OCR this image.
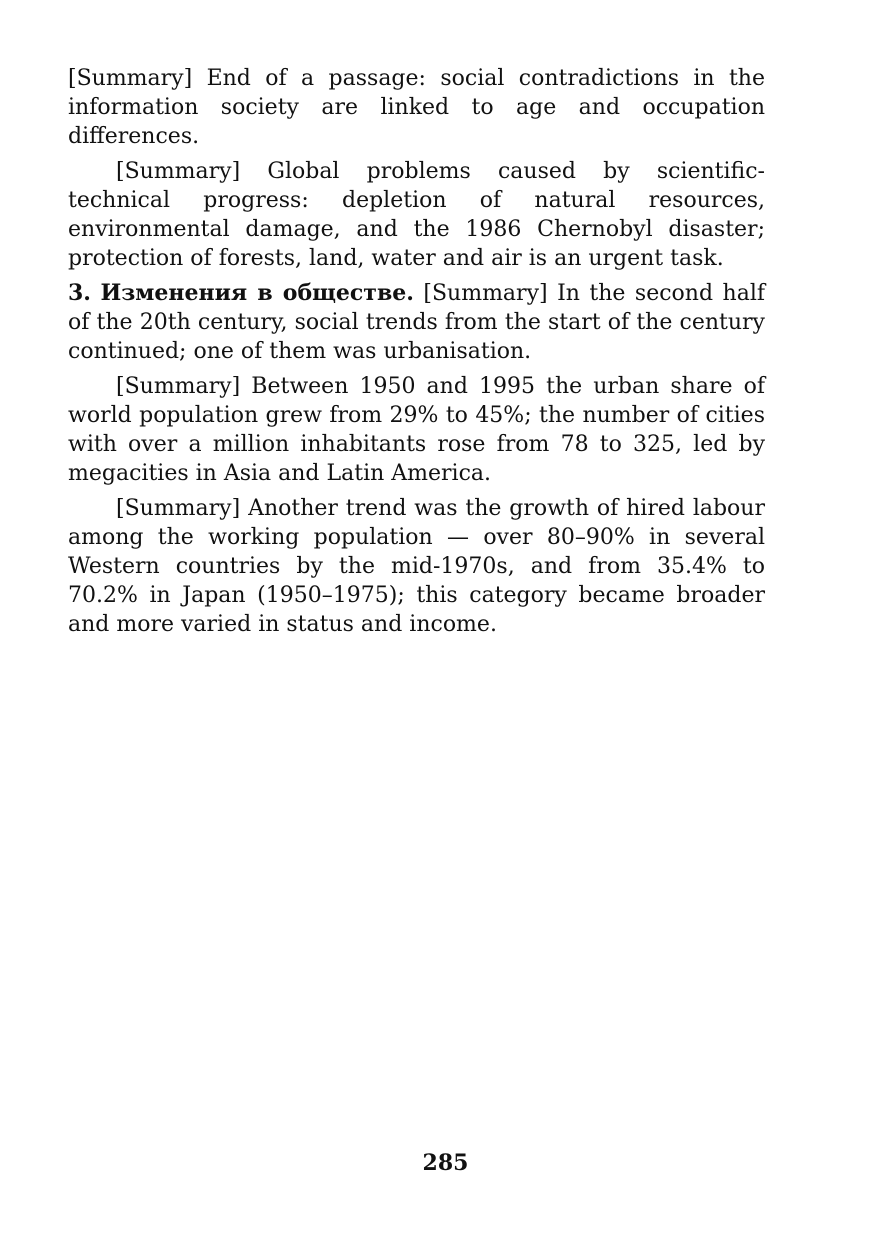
[Summary] End of a passage: social contradictions in the information society are linked to age and occupation differences.

[Summary] Global problems caused by scientific-technical progress: depletion of natural resources, environmental damage, and the 1986 Chernobyl disaster; protection of forests, land, water and air is an urgent task.

3. Изменения в обществе. [Summary] In the second half of the 20th century, social trends from the start of the century continued; one of them was urbanisation.

[Summary] Between 1950 and 1995 the urban share of world population grew from 29% to 45%; the number of cities with over a million inhabitants rose from 78 to 325, led by megacities in Asia and Latin America.

[Summary] Another trend was the growth of hired labour among the working population — over 80–90% in several Western countries by the mid-1970s, and from 35.4% to 70.2% in Japan (1950–1975); this category became broader and more varied in status and income.

285
